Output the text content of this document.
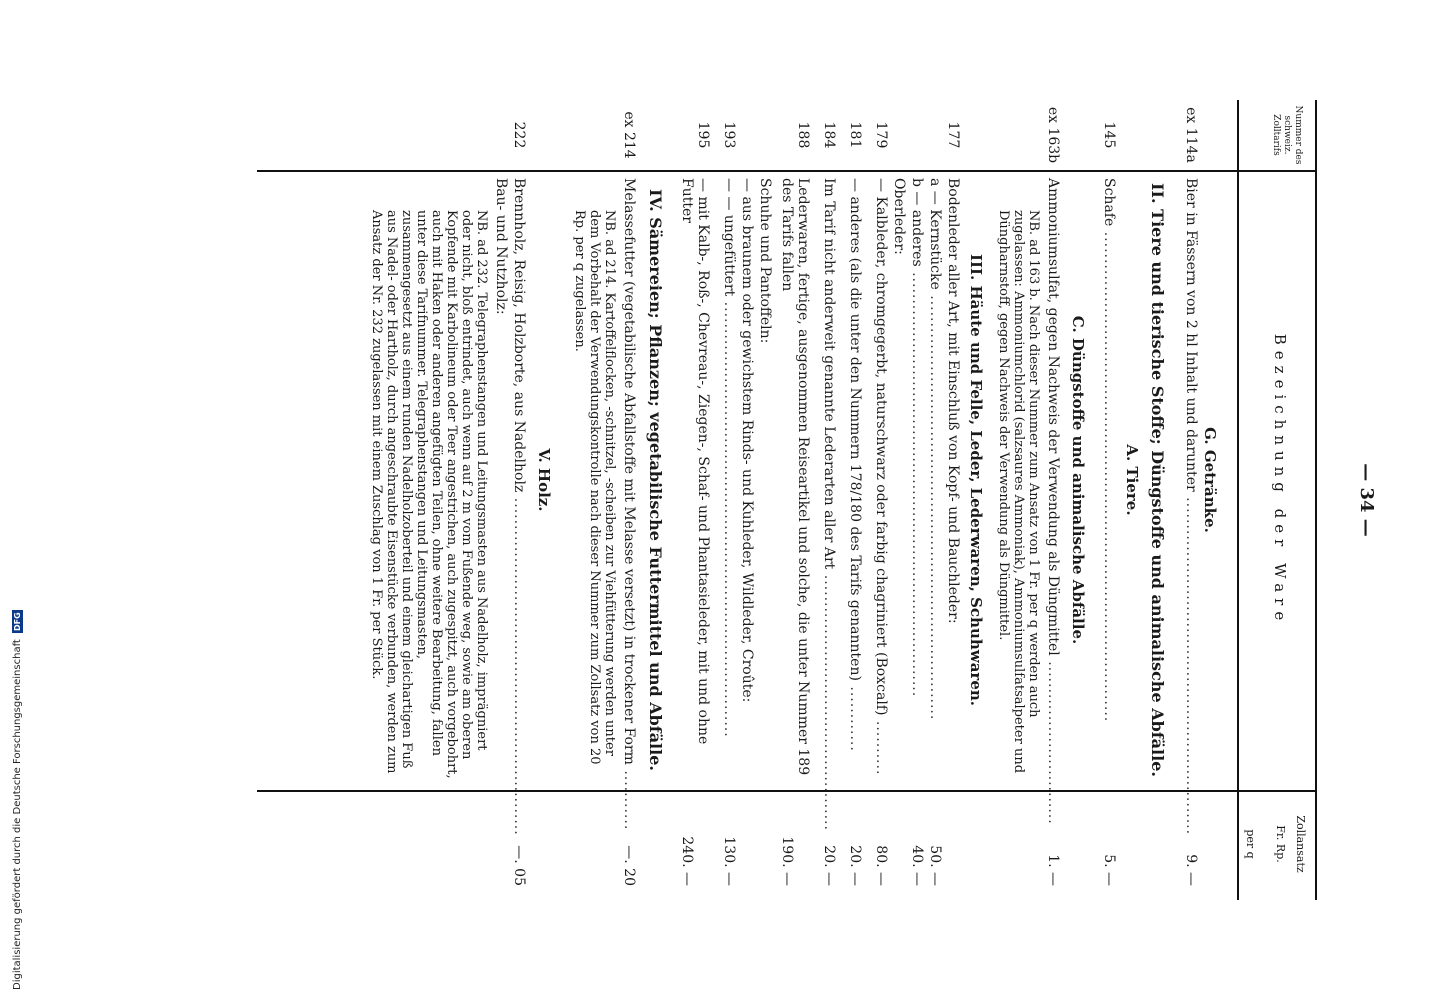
Nummer des schweiz. Zolltarifs
Bezeichnung der Ware
Zollansatz
Fr. Rp.
per q
— 34 —
G. Getränke.
ex 114a
Bier in Fässern von 2 hl Inhalt und darunter ..............................................................
9. —
II. Tiere und tierische Stoffe; Düngstoffe und animalische Abfälle.
A. Tiere.
145
Schafe ..........................................................................................
5. —
C. Düngstoffe und animalische Abfälle.
ex 163b
Ammoniumsulfat, gegen Nachweis der Verwendung als Düngmittel ..............................
1. —
NB. ad 163 b. Nach dieser Nummer zum Ansatz von 1 Fr. per q werden auch zugelassen: Ammoniumchlorid (salzsaures Ammoniak), Ammoniumsulfatsalpeter und Düngharnstoff, gegen Nachweis der Verwendung als Düngmittel.
III. Häute und Felle, Leder, Lederwaren, Schuhwaren.
177
Bodenleder aller Art, mit Einschluß von Kopf- und Bauchleder:
a — Kernstücke ..............................................................................
50. —
b — anderes ..............................................................................
40. —
Oberleder:
179
— Kalbleder, chromgegerbt, naturschwarz oder farbig chagriniert (Boxcalf) ..........
80. —
181
— anderes (als die unter den Nummern 178/180 des Tarifs genannten) ............
20. —
184
Im Tarif nicht anderweit genannte Lederarten aller Art ...............................................
20. —
188
Lederwaren, fertige, ausgenommen Reiseartikel und solche, die unter Nummer 189 des Tarifs fallen
190. —
Schuhe und Pantoffeln:
— aus braunem oder gewichstem Rinds- und Kuhleder, Wildleder, Croûte:
193
— — ungefüttert ................................................................................
130. —
195
— mit Kalb-, Roß-, Chevreau-, Ziegen-, Schaf- und Phantasieleder, mit und ohne Futter
240. —
IV. Sämereien; Pflanzen; vegetabilische Futtermittel und Abfälle.
ex 214
Melassefutter (vegetabilische Abfallstoffe mit Melasse versetzt) in trockener Form ...........
—. 20
NB. ad 214. Kartoffelflocken, -schnitzel, -scheiben zur Viehfütterung werden unter dem Vorbehalt der Verwendungskontrolle nach dieser Nummer zum Zollsatz von 20 Rp. per q zugelassen.
V. Holz.
222
Brennholz, Reisig, Holzborte, aus Nadelholz ..............................................................
—. 05
Bau- und Nutzholz:
NB. ad 232. Telegraphenstangen und Leitungsmasten aus Nadelholz, imprägniert oder nicht, bloß entrindet, auch wenn auf 2 m vom Fußende weg, sowie am oberen Kopfende mit Karbolineum oder Teer angestrichen, auch zugespitzt, auch vorgebohrt, auch mit Haken oder anderen angefügten Teilen, ohne weitere Bearbeitung, fallen unter diese Tarifnummer. Telegraphenstangen und Leitungsmasten, zusammengesetzt aus einem runden Nadelholzoberteil und einem gleichartigen Fuß aus Nadel- oder Hartholz, durch angeschraubte Eisenstücke verbunden, werden zum Ansatz der Nr. 232 zugelassen mit einem Zuschlag von 1 Fr. per Stück.
Digitalisierung gefördert durch die Deutsche Forschungsgemeinschaft DFG
